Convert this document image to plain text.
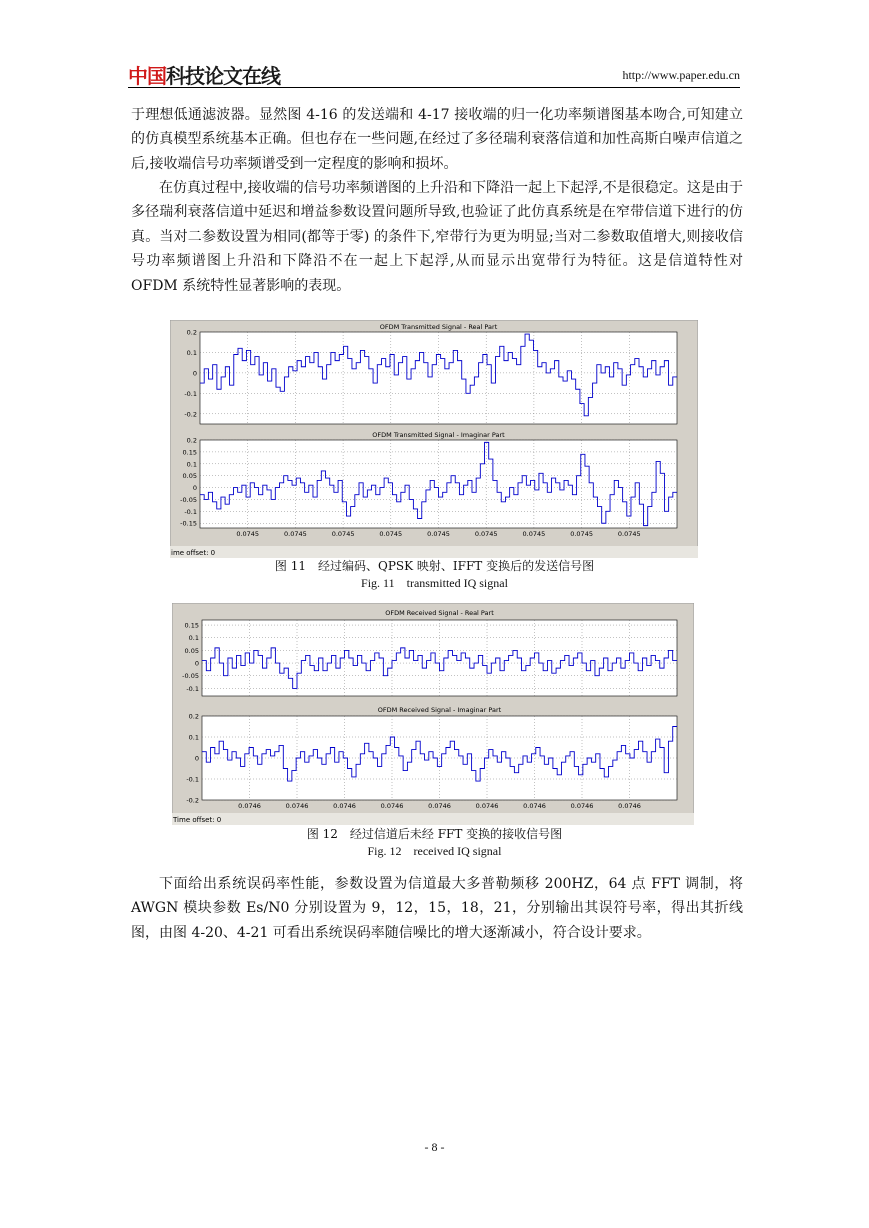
中国科技论文在线	http://www.paper.edu.cn

于理想低通滤波器。显然图 4-16 的发送端和 4-17 接收端的归一化功率频谱图基本吻合,可知建立的仿真模型系统基本正确。但也存在一些问题,在经过了多径瑞利衰落信道和加性高斯白噪声信道之后,接收端信号功率频谱受到一定程度的影响和损坏。

在仿真过程中,接收端的信号功率频谱图的上升沿和下降沿一起上下起浮,不是很稳定。这是由于多径瑞利衰落信道中延迟和增益参数设置问题所导致,也验证了此仿真系统是在窄带信道下进行的仿真。当对二参数设置为相同(都等于零) 的条件下,窄带行为更为明显;当对二参数取值增大,则接收信号功率频谱图上升沿和下降沿不在一起上下起浮,从而显示出宽带行为特征。这是信道特性对 OFDM 系统特性显著影响的表现。

OFDM Transmitted Signal - Real Part
0.2
0.1
0
-0.1
-0.2
OFDM Transmitted Signal - Imaginar Part
0.2
0.15
0.1
0.05
0
-0.05
-0.1
-0.15
0.0745	0.0745	0.0745	0.0745	0.0745	0.0745	0.0745	0.0745	0.0745
ime offset: 0
图 11　经过编码、QPSK 映射、IFFT 变换后的发送信号图
Fig. 11　transmitted IQ signal
OFDM Received Signal - Real Part
0.15
0.1
0.05
0
-0.05
-0.1
OFDM Received Signal - Imaginar Part
0.2
0.1
0
-0.1
-0.2
0.0746	0.0746	0.0746	0.0746	0.0746	0.0746	0.0746	0.0746	0.0746
Time offset: 0
图 12　经过信道后未经 FFT 变换的接收信号图
Fig. 12　received IQ signal

下面给出系统误码率性能，参数设置为信道最大多普勒频移 200HZ，64 点 FFT 调制，将 AWGN 模块参数 Es/N0 分别设置为 9，12，15，18，21，分别输出其误符号率，得出其折线图，由图 4-20、4-21 可看出系统误码率随信噪比的增大逐渐减小，符合设计要求。

- 8 -
